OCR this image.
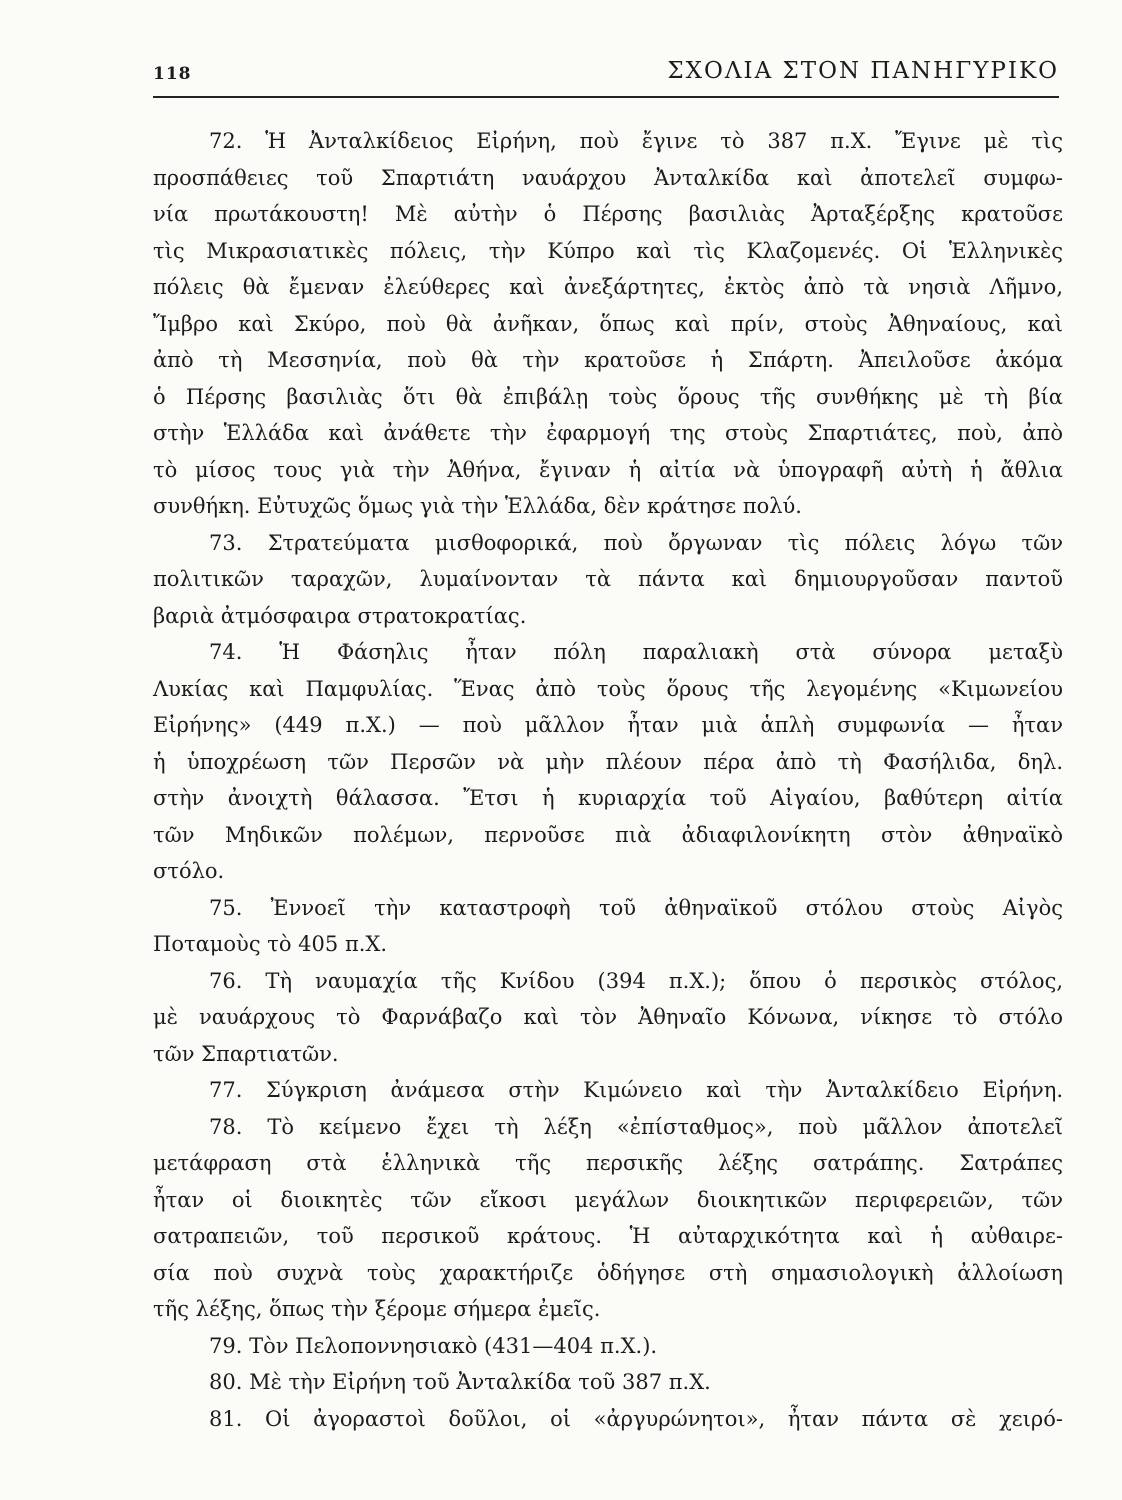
118	ΣΧΟΛΙΑ ΣΤΟΝ ΠΑΝΗΓΥΡΙΚΟ
72. Ἡ Ἀνταλκίδειος Εἰρήνη, ποὺ ἔγινε τὸ 387 π.Χ. Ἔγινε μὲ τὶς
προσπάθειες τοῦ Σπαρτιάτη ναυάρχου Ἀνταλκίδα καὶ ἀποτελεῖ συμφω-
νία πρωτάκουστη! Μὲ αὐτὴν ὁ Πέρσης βασιλιὰς Ἀρταξέρξης κρατοῦσε
τὶς Μικρασιατικὲς πόλεις, τὴν Κύπρο καὶ τὶς Κλαζομενές. Οἱ Ἑλληνικὲς
πόλεις θὰ ἔμεναν ἐλεύθερες καὶ ἀνεξάρτητες, ἐκτὸς ἀπὸ τὰ νησιὰ Λῆμνο,
Ἴμβρο καὶ Σκύρο, ποὺ θὰ ἀνῆκαν, ὅπως καὶ πρίν, στοὺς Ἀθηναίους, καὶ
ἀπὸ τὴ Μεσσηνία, ποὺ θὰ τὴν κρατοῦσε ἡ Σπάρτη. Ἀπειλοῦσε ἀκόμα
ὁ Πέρσης βασιλιὰς ὅτι θὰ ἐπιβάλῃ τοὺς ὅρους τῆς συνθήκης μὲ τὴ βία
στὴν Ἑλλάδα καὶ ἀνάθετε τὴν ἐφαρμογή της στοὺς Σπαρτιάτες, ποὺ, ἀπὸ
τὸ μίσος τους γιὰ τὴν Ἀθήνα, ἔγιναν ἡ αἰτία νὰ ὑπογραφῆ αὐτὴ ἡ ἄθλια
συνθήκη. Εὐτυχῶς ὅμως γιὰ τὴν Ἑλλάδα, δὲν κράτησε πολύ.
73. Στρατεύματα μισθοφορικά, ποὺ ὄργωναν τὶς πόλεις λόγω τῶν
πολιτικῶν ταραχῶν, λυμαίνονταν τὰ πάντα καὶ δημιουργοῦσαν παντοῦ
βαριὰ ἀτμόσφαιρα στρατοκρατίας.
74. Ἡ Φάσηλις ἦταν πόλη παραλιακὴ στὰ σύνορα μεταξὺ
Λυκίας καὶ Παμφυλίας. Ἕνας ἀπὸ τοὺς ὅρους τῆς λεγομένης «Κιμωνείου
Εἰρήνης» (449 π.Χ.) — ποὺ μᾶλλον ἦταν μιὰ ἁπλὴ συμφωνία — ἦταν
ἡ ὑποχρέωση τῶν Περσῶν νὰ μὴν πλέουν πέρα ἀπὸ τὴ Φασήλιδα, δηλ.
στὴν ἀνοιχτὴ θάλασσα. Ἔτσι ἡ κυριαρχία τοῦ Αἰγαίου, βαθύτερη αἰτία
τῶν Μηδικῶν πολέμων, περνοῦσε πιὰ ἀδιαφιλονίκητη στὸν ἀθηναϊκὸ
στόλο.
75. Ἐννοεῖ τὴν καταστροφὴ τοῦ ἀθηναϊκοῦ στόλου στοὺς Αἰγὸς
Ποταμοὺς τὸ 405 π.Χ.
76. Τὴ ναυμαχία τῆς Κνίδου (394 π.Χ.); ὅπου ὁ περσικὸς στόλος,
μὲ ναυάρχους τὸ Φαρνάβαζο καὶ τὸν Ἀθηναῖο Κόνωνα, νίκησε τὸ στόλο
τῶν Σπαρτιατῶν.
77. Σύγκριση ἀνάμεσα στὴν Κιμώνειο καὶ τὴν Ἀνταλκίδειο Εἰρήνη.
78. Τὸ κείμενο ἔχει τὴ λέξη «ἐπίσταθμος», ποὺ μᾶλλον ἀποτελεῖ
μετάφραση στὰ ἑλληνικὰ τῆς περσικῆς λέξης σατράπης. Σατράπες
ἦταν οἱ διοικητὲς τῶν εἴκοσι μεγάλων διοικητικῶν περιφερειῶν, τῶν
σατραπειῶν, τοῦ περσικοῦ κράτους. Ἡ αὐταρχικότητα καὶ ἡ αὐθαιρε-
σία ποὺ συχνὰ τοὺς χαρακτήριζε ὁδήγησε στὴ σημασιολογικὴ ἀλλοίωση
τῆς λέξης, ὅπως τὴν ξέρομε σήμερα ἐμεῖς.
79. Τὸν Πελοποννησιακὸ (431—404 π.Χ.).
80. Μὲ τὴν Εἰρήνη τοῦ Ἀνταλκίδα τοῦ 387 π.Χ.
81. Οἱ ἀγοραστοὶ δοῦλοι, οἱ «ἀργυρώνητοι», ἦταν πάντα σὲ χειρό-
